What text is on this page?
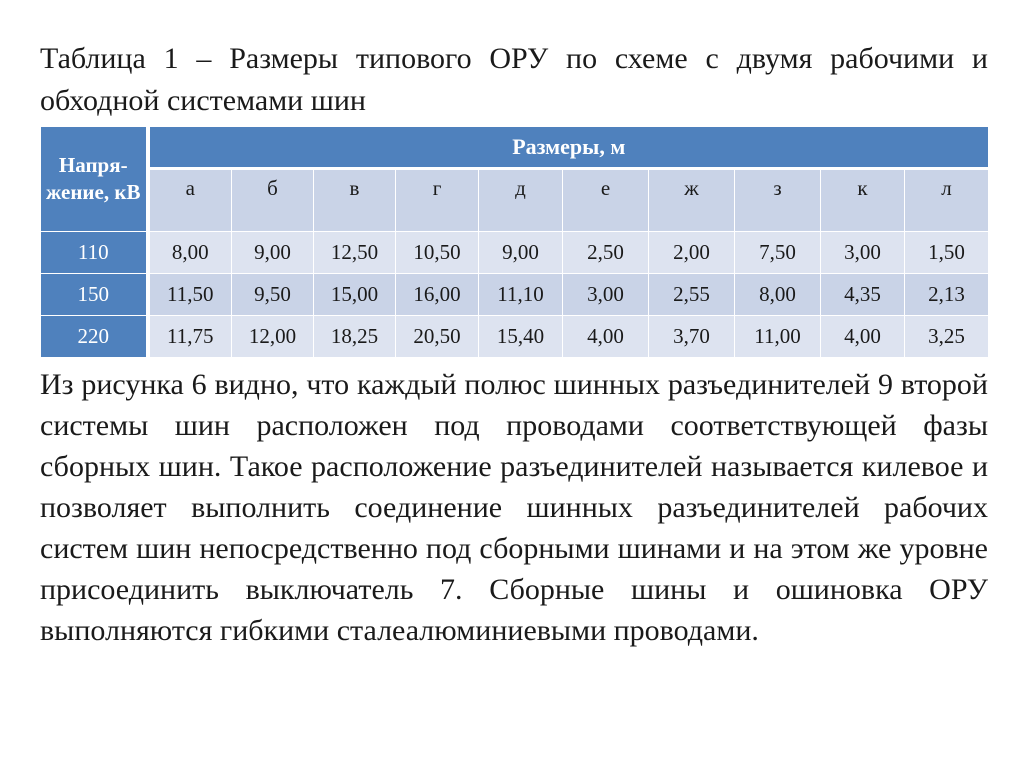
Таблица 1 – Размеры типового ОРУ по схеме с двумя рабочими и обходной системами шин

Напря-жение, кВ	Размеры, м									
	а	б	в	г	д	е	ж	з	к	л
110	8,00	9,00	12,50	10,50	9,00	2,50	2,00	7,50	3,00	1,50
150	11,50	9,50	15,00	16,00	11,10	3,00	2,55	8,00	4,35	2,13
220	11,75	12,00	18,25	20,50	15,40	4,00	3,70	11,00	4,00	3,25

Из рисунка 6 видно, что каждый полюс шинных разъединителей 9 второй системы шин расположен под проводами соответствующей фазы сборных шин. Такое расположение разъединителей называется килевое и позволяет выполнить соединение шинных разъединителей рабочих систем шин непосредственно под сборными шинами и на этом же уровне присоединить выключатель 7. Сборные шины и ошиновка ОРУ выполняются гибкими сталеалюминиевыми проводами.
